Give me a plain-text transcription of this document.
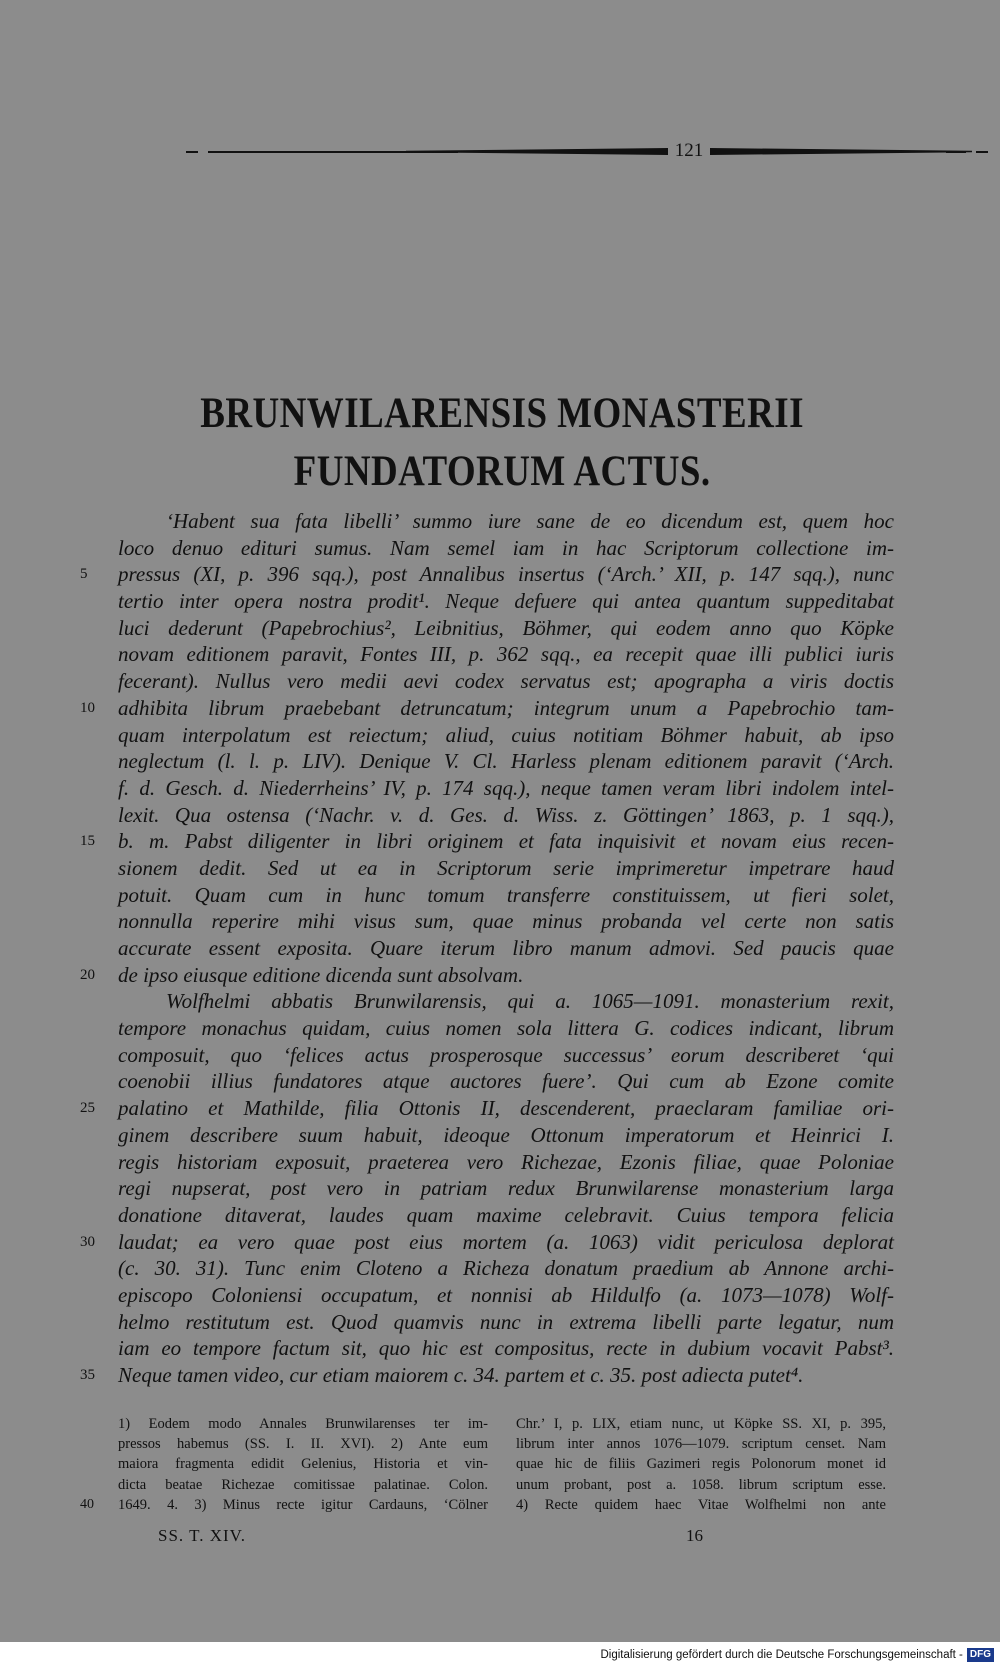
121
BRUNWILARENSIS MONASTERII
FUNDATORUM ACTUS.
‘Habent sua fata libelli’ summo iure sane de eo dicendum est, quem hoc
loco denuo edituri sumus. Nam semel iam in hac Scriptorum collectione im-
5 pressus (XI, p. 396 sqq.), post Annalibus insertus (‘Arch.’ XII, p. 147 sqq.), nunc
tertio inter opera nostra prodit¹. Neque defuere qui antea quantum suppeditabat
luci dederunt (Papebrochius², Leibnitius, Böhmer, qui eodem anno quo Köpke
novam editionem paravit, Fontes III, p. 362 sqq., ea recepit quae illi publici iuris
fecerant). Nullus vero medii aevi codex servatus est; apographa a viris doctis
10 adhibita librum praebebant detruncatum; integrum unum a Papebrochio tam-
quam interpolatum est reiectum; aliud, cuius notitiam Böhmer habuit, ab ipso
neglectum (l. l. p. LIV). Denique V. Cl. Harless plenam editionem paravit (‘Arch.
f. d. Gesch. d. Niederrheins’ IV, p. 174 sqq.), neque tamen veram libri indolem intel-
lexit. Qua ostensa (‘Nachr. v. d. Ges. d. Wiss. z. Göttingen’ 1863, p. 1 sqq.),
15 b. m. Pabst diligenter in libri originem et fata inquisivit et novam eius recen-
sionem dedit. Sed ut ea in Scriptorum serie imprimeretur impetrare haud
potuit. Quam cum in hunc tomum transferre constituissem, ut fieri solet,
nonnulla reperire mihi visus sum, quae minus probanda vel certe non satis
accurate essent exposita. Quare iterum libro manum admovi. Sed paucis quae
20 de ipso eiusque editione dicenda sunt absolvam.
Wolfhelmi abbatis Brunwilarensis, qui a. 1065—1091. monasterium rexit,
tempore monachus quidam, cuius nomen sola littera G. codices indicant, librum
composuit, quo ‘felices actus prosperosque successus’ eorum describeret ‘qui
coenobii illius fundatores atque auctores fuere’. Qui cum ab Ezone comite
25 palatino et Mathilde, filia Ottonis II, descenderent, praeclaram familiae ori-
ginem describere suum habuit, ideoque Ottonum imperatorum et Heinrici I.
regis historiam exposuit, praeterea vero Richezae, Ezonis filiae, quae Poloniae
regi nupserat, post vero in patriam redux Brunwilarense monasterium larga
donatione ditaverat, laudes quam maxime celebravit. Cuius tempora felicia
30 laudat; ea vero quae post eius mortem (a. 1063) vidit periculosa deplorat
(c. 30. 31). Tunc enim Cloteno a Richeza donatum praedium ab Annone archi-
episcopo Coloniensi occupatum, et nonnisi ab Hildulfo (a. 1073—1078) Wolf-
helmo restitutum est. Quod quamvis nunc in extrema libelli parte legatur, num
iam eo tempore factum sit, quo hic est compositus, recte in dubium vocavit Pabst³.
35 Neque tamen video, cur etiam maiorem c. 34. partem et c. 35. post adiecta putet⁴.
1) Eodem modo Annales Brunwilarenses ter im-
pressos habemus (SS. I. II. XVI). 2) Ante eum
maiora fragmenta edidit Gelenius, Historia et vin-
dicta beatae Richezae comitissae palatinae. Colon.
40 1649. 4. 3) Minus recte igitur Cardauns, ‘Cölner
Chr.’ I, p. LIX, etiam nunc, ut Köpke SS. XI, p. 395,
librum inter annos 1076—1079. scriptum censet. Nam
quae hic de filiis Gazimeri regis Polonorum monet id
unum probant, post a. 1058. librum scriptum esse.
4) Recte quidem haec Vitae Wolfhelmi non ante
SS. T. XIV.	16
Digitalisierung gefördert durch die Deutsche Forschungsgemeinschaft - DFG
